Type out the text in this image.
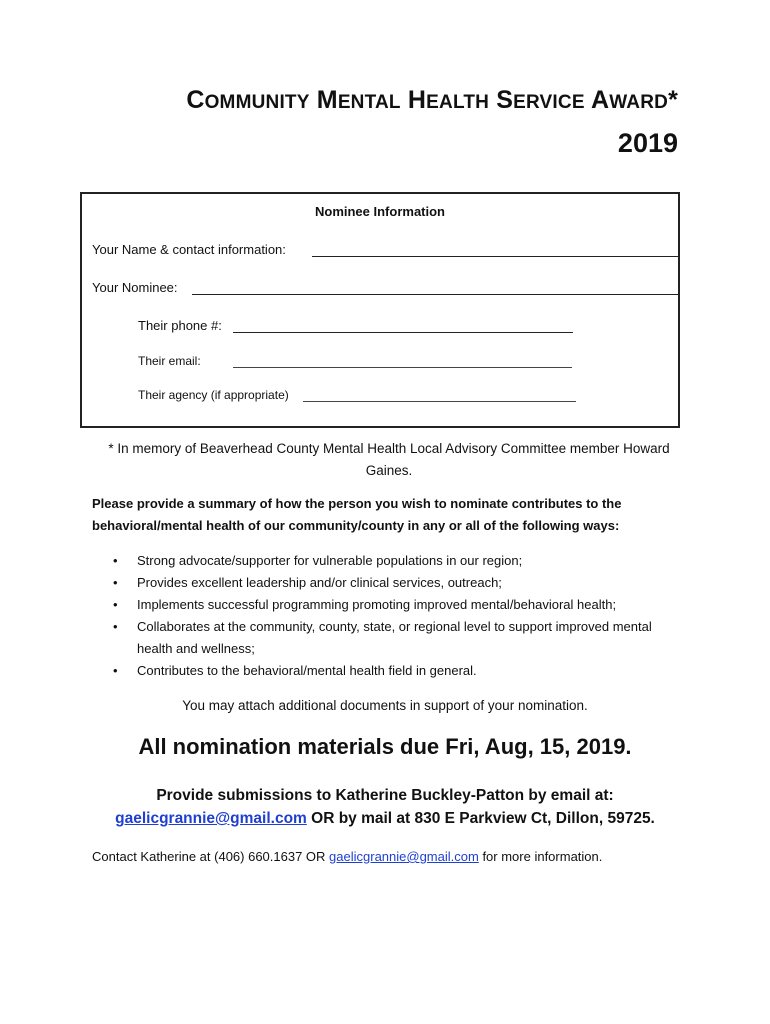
COMMUNITY MENTAL HEALTH SERVICE AWARD*
2019
Nominee Information
Your Name & contact information:
Your Nominee:
Their phone #:
Their email:
Their agency (if appropriate)
* In memory of Beaverhead County Mental Health Local Advisory Committee member Howard Gaines.
Please provide a summary of how the person you wish to nominate contributes to the behavioral/mental health of our community/county in any or all of the following ways:
• Strong advocate/supporter for vulnerable populations in our region;
• Provides excellent leadership and/or clinical services, outreach;
• Implements successful programming promoting improved mental/behavioral health;
• Collaborates at the community, county, state, or regional level to support improved mental health and wellness;
• Contributes to the behavioral/mental health field in general.
You may attach additional documents in support of your nomination.
All nomination materials due Fri, Aug, 15, 2019.
Provide submissions to Katherine Buckley-Patton by email at:
gaelicgrannie@gmail.com OR by mail at 830 E Parkview Ct, Dillon, 59725.
Contact Katherine at (406) 660.1637 OR gaelicgrannie@gmail.com for more information.
